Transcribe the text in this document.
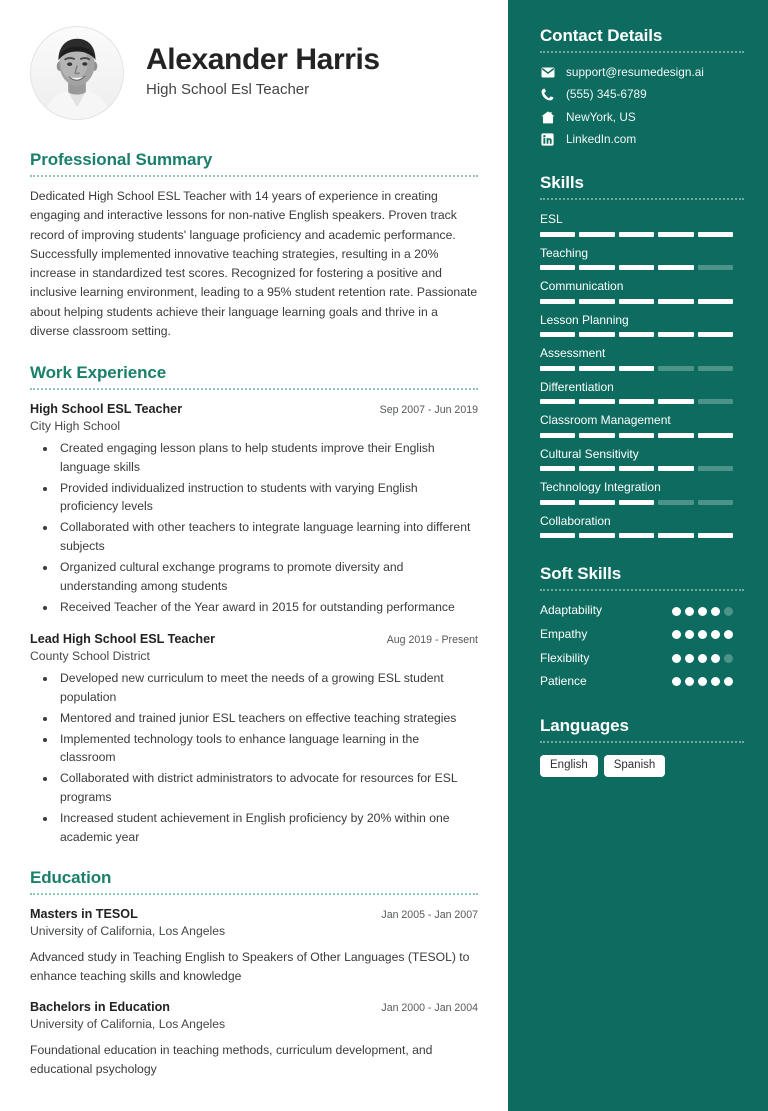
Alexander Harris
High School Esl Teacher
Professional Summary
Dedicated High School ESL Teacher with 14 years of experience in creating engaging and interactive lessons for non-native English speakers. Proven track record of improving students' language proficiency and academic performance. Successfully implemented innovative teaching strategies, resulting in a 20% increase in standardized test scores. Recognized for fostering a positive and inclusive learning environment, leading to a 95% student retention rate. Passionate about helping students achieve their language learning goals and thrive in a diverse classroom setting.
Work Experience
High School ESL Teacher	Sep 2007 - Jun 2019
City High School
• Created engaging lesson plans to help students improve their English language skills
• Provided individualized instruction to students with varying English proficiency levels
• Collaborated with other teachers to integrate language learning into different subjects
• Organized cultural exchange programs to promote diversity and understanding among students
• Received Teacher of the Year award in 2015 for outstanding performance
Lead High School ESL Teacher	Aug 2019 - Present
County School District
• Developed new curriculum to meet the needs of a growing ESL student population
• Mentored and trained junior ESL teachers on effective teaching strategies
• Implemented technology tools to enhance language learning in the classroom
• Collaborated with district administrators to advocate for resources for ESL programs
• Increased student achievement in English proficiency by 20% within one academic year
Education
Masters in TESOL	Jan 2005 - Jan 2007
University of California, Los Angeles
Advanced study in Teaching English to Speakers of Other Languages (TESOL) to enhance teaching skills and knowledge
Bachelors in Education	Jan 2000 - Jan 2004
University of California, Los Angeles
Foundational education in teaching methods, curriculum development, and educational psychology
Contact Details
support@resumedesign.ai
(555) 345-6789
NewYork, US
LinkedIn.com
Skills
ESL
Teaching
Communication
Lesson Planning
Assessment
Differentiation
Classroom Management
Cultural Sensitivity
Technology Integration
Collaboration
Soft Skills
Adaptability
Empathy
Flexibility
Patience
Languages
English	Spanish
